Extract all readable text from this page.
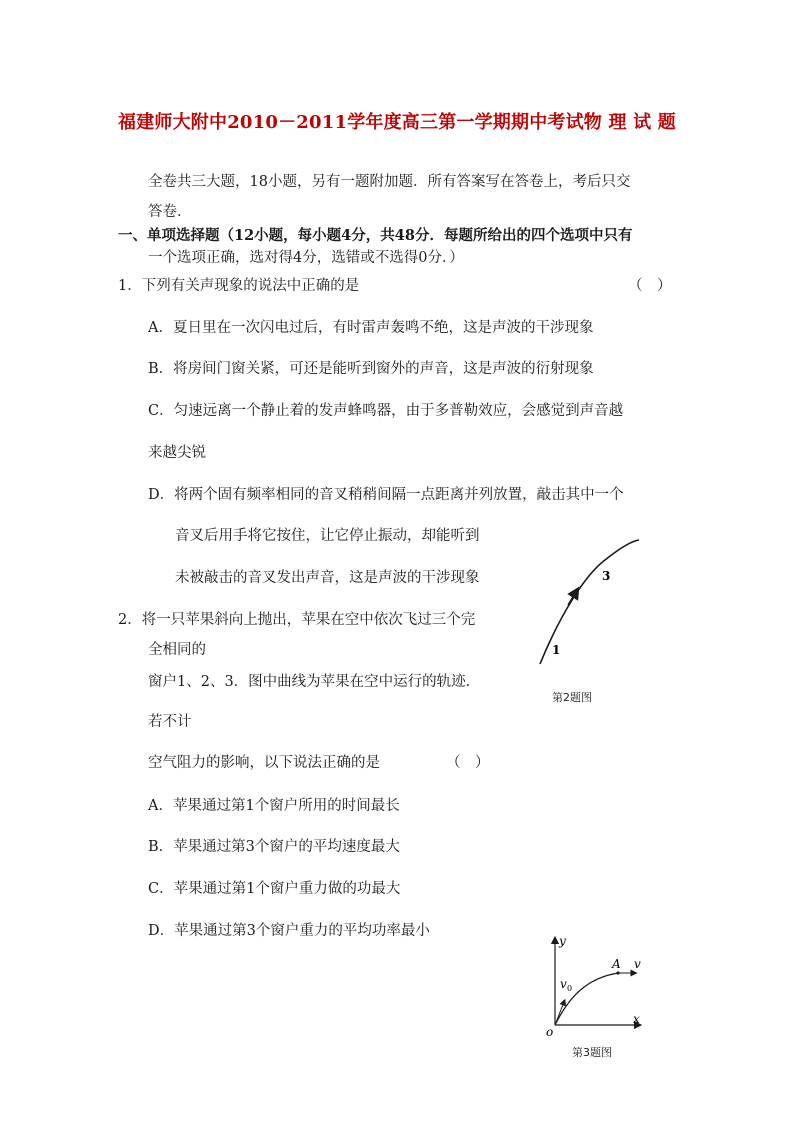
福建师大附中2010－2011学年度高三第一学期期中考试物 理 试 题
全卷共三大题，18小题，另有一题附加题．所有答案写在答卷上，考后只交
答卷．
一、单项选择题（12小题，每小题4分，共48分．每题所给出的四个选项中只有
一个选项正确，选对得4分，选错或不选得0分．）
1．下列有关声现象的说法中正确的是	（　）
A．夏日里在一次闪电过后，有时雷声轰鸣不绝，这是声波的干涉现象
B．将房间门窗关紧，可还是能听到窗外的声音，这是声波的衍射现象
C．匀速远离一个静止着的发声蜂鸣器，由于多普勒效应，会感觉到声音越
来越尖锐
D．将两个固有频率相同的音叉稍稍间隔一点距离并列放置，敲击其中一个
音叉后用手将它按住，让它停止振动，却能听到
未被敲击的音叉发出声音，这是声波的干涉现象
2．将一只苹果斜向上抛出，苹果在空中依次飞过三个完
全相同的
窗户1、2、3．图中曲线为苹果在空中运行的轨迹．
若不计
空气阻力的影响，以下说法正确的是	（　）
A．苹果通过第1个窗户所用的时间最长
B．苹果通过第3个窗户的平均速度最大
C．苹果通过第1个窗户重力做的功最大
D．苹果通过第3个窗户重力的平均功率最小
1
3
第2题图
y
x
o
A v
v 0
第3题图
